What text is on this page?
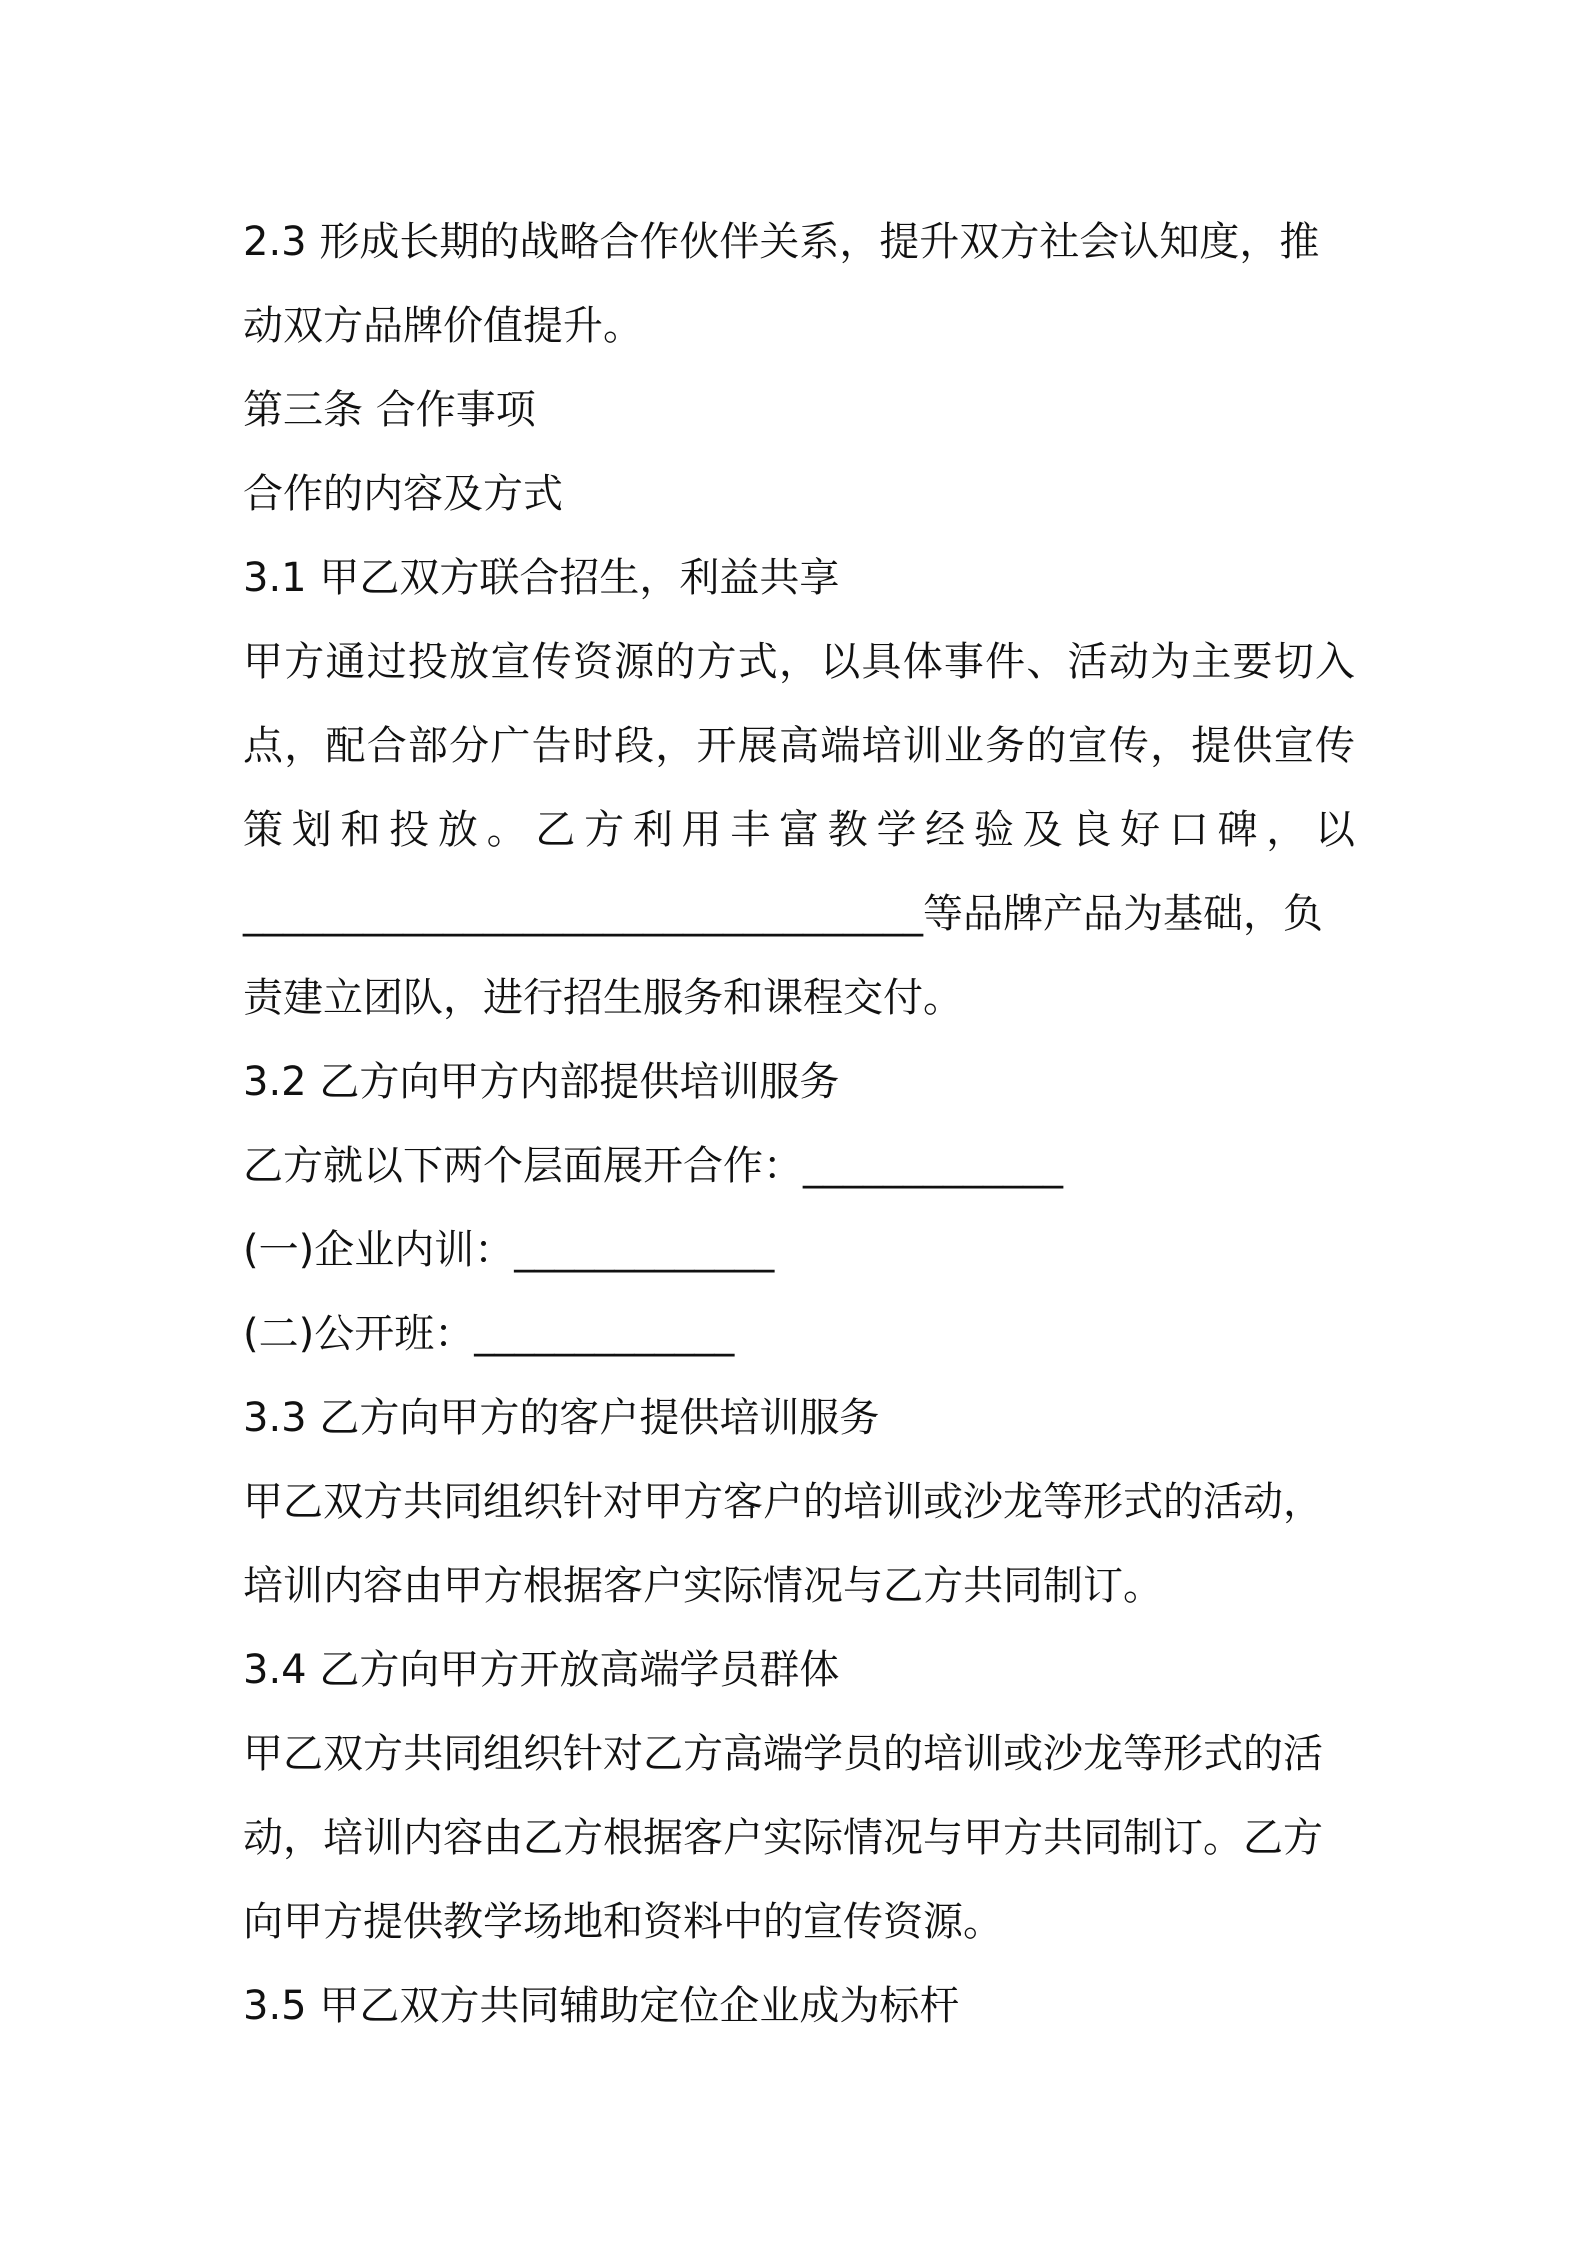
2.3 形成长期的战略合作伙伴关系，提升双方社会认知度，推动双方品牌价值提升。

第三条 合作事项

合作的内容及方式

3.1 甲乙双方联合招生，利益共享

甲方通过投放宣传资源的方式，以具体事件、活动为主要切入点，配合部分广告时段，开展高端培训业务的宣传，提供宣传策划和投放。乙方利用丰富教学经验及良好口碑，以

__________________________________等品牌产品为基础，负责建立团队，进行招生服务和课程交付。

3.2 乙方向甲方内部提供培训服务

乙方就以下两个层面展开合作：_____________

(一)企业内训：_____________

(二)公开班：_____________

3.3 乙方向甲方的客户提供培训服务

甲乙双方共同组织针对甲方客户的培训或沙龙等形式的活动，培训内容由甲方根据客户实际情况与乙方共同制订。

3.4 乙方向甲方开放高端学员群体

甲乙双方共同组织针对乙方高端学员的培训或沙龙等形式的活动，培训内容由乙方根据客户实际情况与甲方共同制订。乙方向甲方提供教学场地和资料中的宣传资源。

3.5 甲乙双方共同辅助定位企业成为标杆
